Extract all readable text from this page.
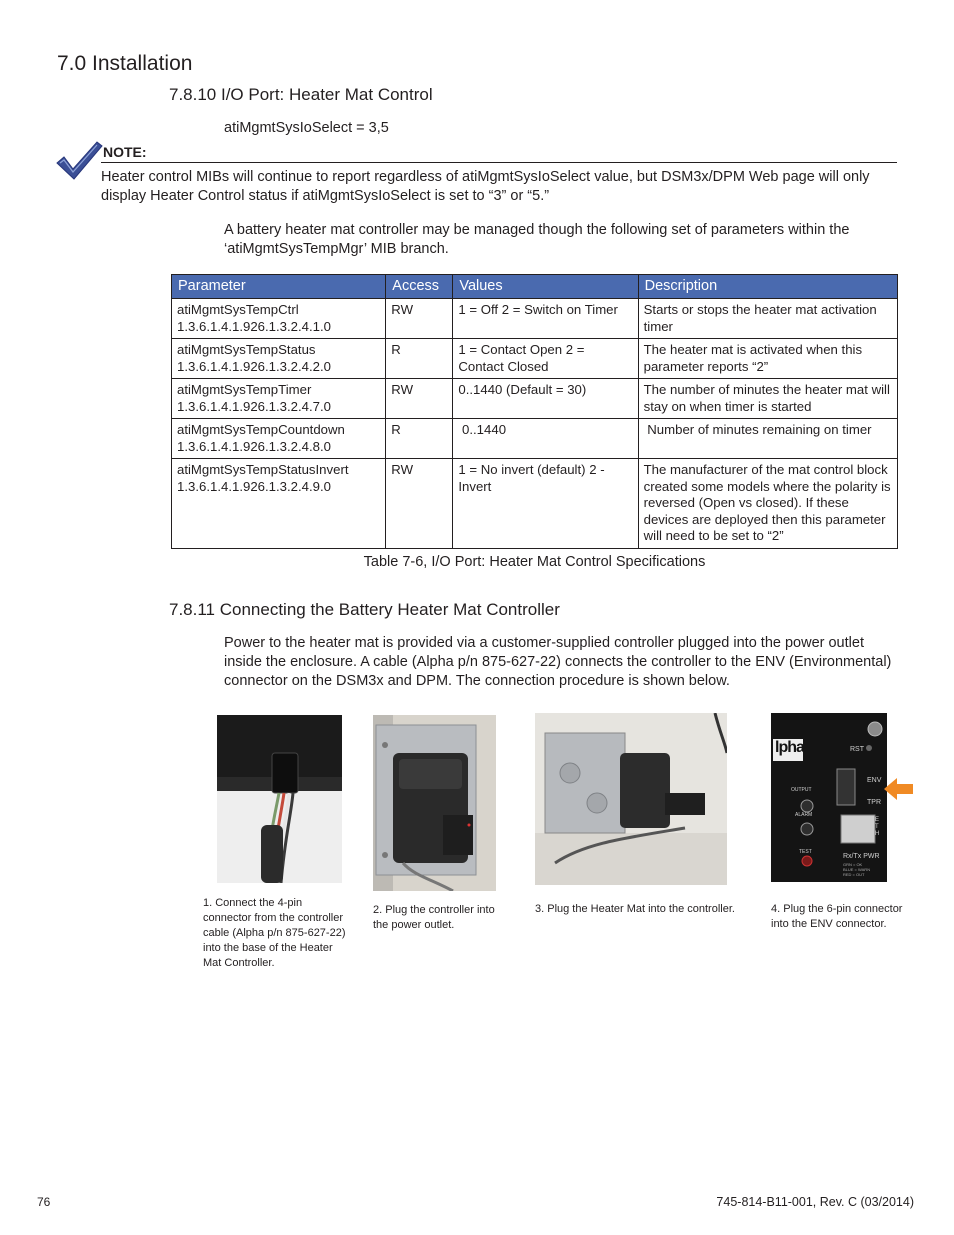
7.0 Installation
7.8.10 I/O Port: Heater Mat Control
atiMgmtSysIoSelect = 3,5
NOTE:
Heater control MIBs will continue to report regardless of atiMgmtSysIoSelect value, but DSM3x/DPM Web page will only display Heater Control status if atiMgmtSysIoSelect is set to “3” or “5.”
A battery heater mat controller may be managed though the following set of parameters within the ‘atiMgmtSysTempMgr’ MIB branch.
Parameter	Access	Values	Description

atiMgmtSysTempCtrl
1.3.6.1.4.1.926.1.3.2.4.1.0	RW	1 = Off 2 = Switch on Timer	Starts or stops the heater mat activation timer

atiMgmtSysTempStatus
1.3.6.1.4.1.926.1.3.2.4.2.0	R	1 = Contact Open 2 = Contact Closed	The heater mat is activated when this parameter reports “2”

atiMgmtSysTempTimer
1.3.6.1.4.1.926.1.3.2.4.7.0	RW	0..1440 (Default = 30)	The number of minutes the heater mat will stay on when timer is started

atiMgmtSysTempCountdown
1.3.6.1.4.1.926.1.3.2.4.8.0	R	0..1440	Number of minutes remaining on timer

atiMgmtSysTempStatusInvert
1.3.6.1.4.1.926.1.3.2.4.9.0	RW	1 = No invert (default) 2 - Invert	The manufacturer of the mat control block created some models where the polarity is reversed (Open vs closed). If these devices are deployed then this parameter will need to be set to “2”
Table 7-6, I/O Port: Heater Mat Control Specifications
7.8.11 Connecting the Battery Heater Mat Controller
Power to the heater mat is provided via a customer-supplied controller plugged into the power outlet inside the enclosure. A cable (Alpha p/n 875-627-22) connects the controller to the ENV (Environmental) connector on the DSM3x and DPM. The connection procedure is shown below.
lpha	RST
ENV
TPR
OUTPUT
ALARM
TEST
E T H
Rx/Tx PWR
GRN = OK
BLUE = WARN
RED = OUT
1. Connect the 4-pin connector from the controller cable (Alpha p/n 875-627-22) into the base of the Heater Mat Controller.
2. Plug the controller into the power outlet.
3. Plug the Heater Mat into the controller.	4. Plug the 6-pin connector into the ENV connector.
76	745-814-B11-001, Rev. C (03/2014)
